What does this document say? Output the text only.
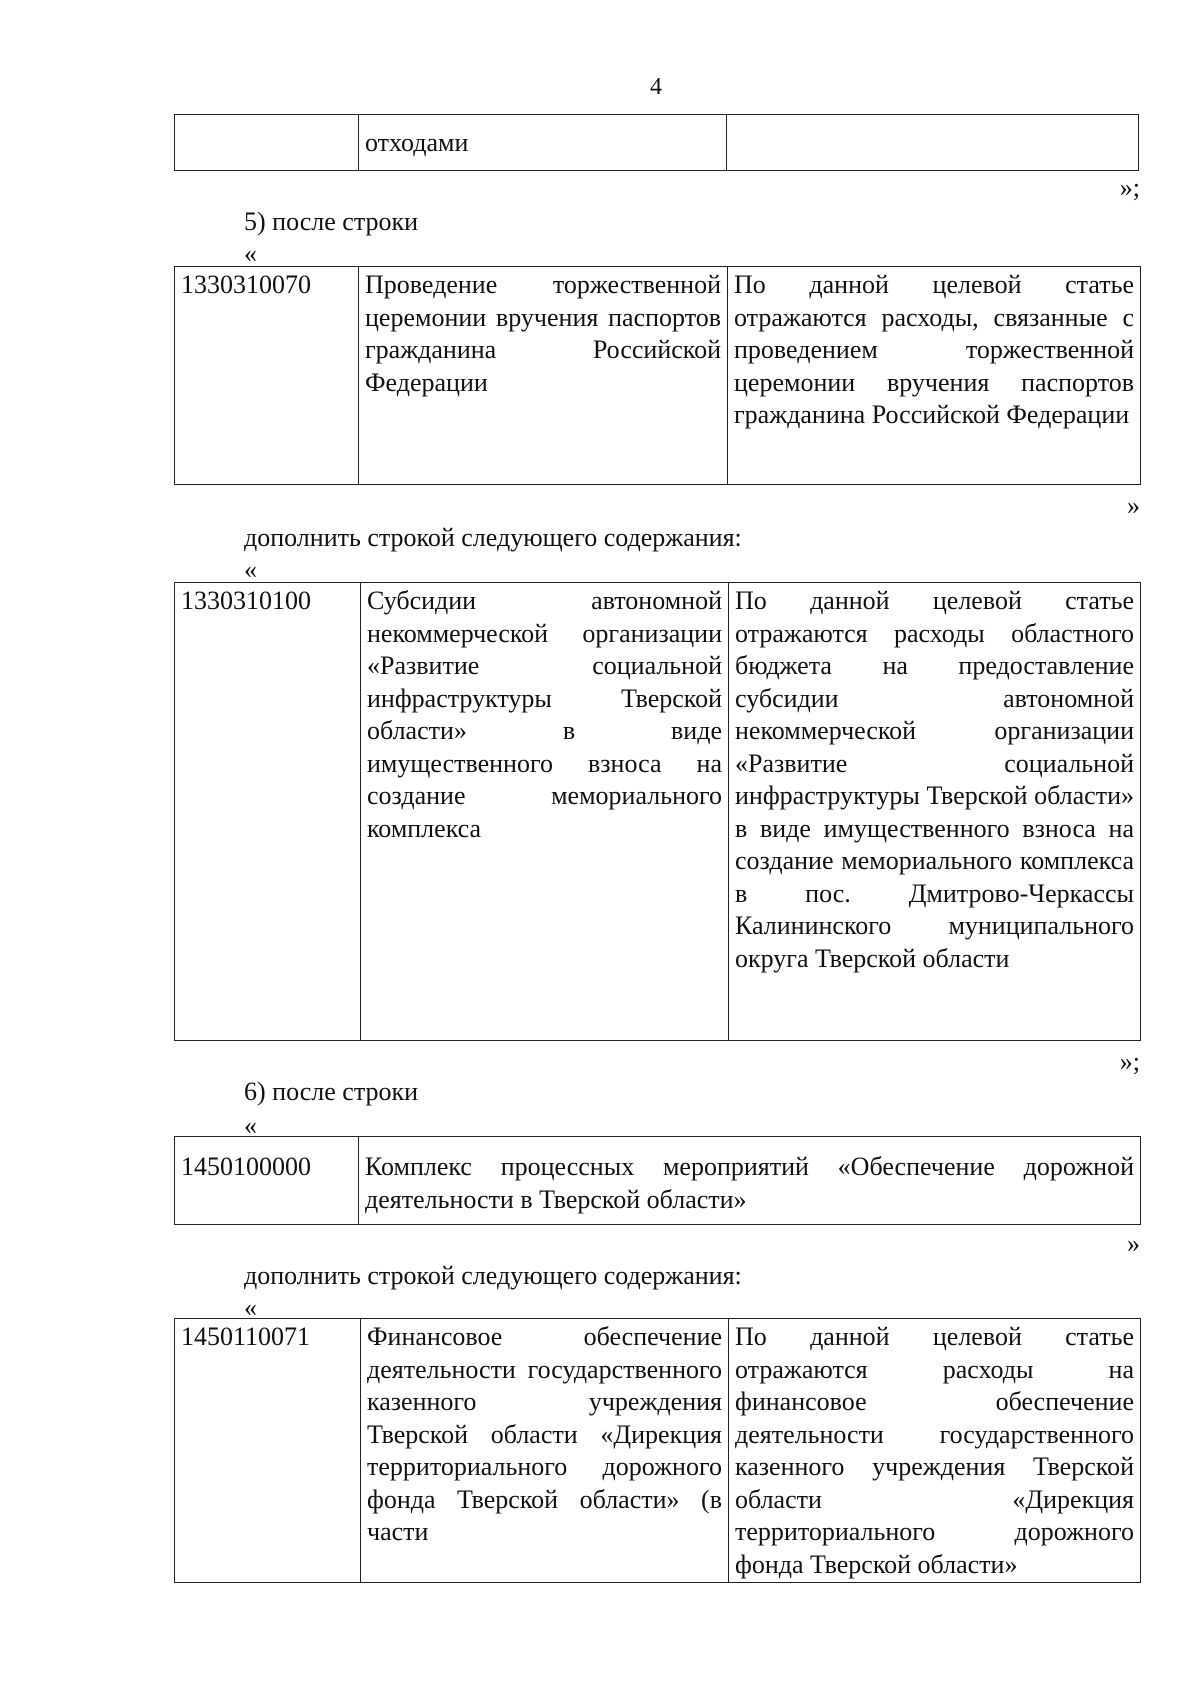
4
	отходами	
»;
5) после строки
«
1330310070	Проведение торжественной церемонии вручения паспортов гражданина Российской Федерации	По данной целевой статье отражаются расходы, связанные с проведением торжественной церемонии вручения паспортов гражданина Российской Федерации
»
дополнить строкой следующего содержания:
«
1330310100	Субсидии автономной некоммерческой организации «Развитие социальной инфраструктуры Тверской области» в виде имущественного взноса на создание мемориального комплекса	По данной целевой статье отражаются расходы областного бюджета на предоставление субсидии автономной некоммерческой организации «Развитие социальной инфраструктуры Тверской области» в виде имущественного взноса на создание мемориального комплекса в пос. Дмитрово-Черкассы Калининского муниципального округа Тверской области
»;
6) после строки
«
1450100000	Комплекс процессных мероприятий «Обеспечение дорожной деятельности в Тверской области»
»
дополнить строкой следующего содержания:
«
1450110071	Финансовое обеспечение деятельности государственного казенного учреждения Тверской области «Дирекция территориального дорожного фонда Тверской области» (в части	По данной целевой статье отражаются расходы на финансовое обеспечение деятельности государственного казенного учреждения Тверской области «Дирекция территориального дорожного фонда Тверской области»
